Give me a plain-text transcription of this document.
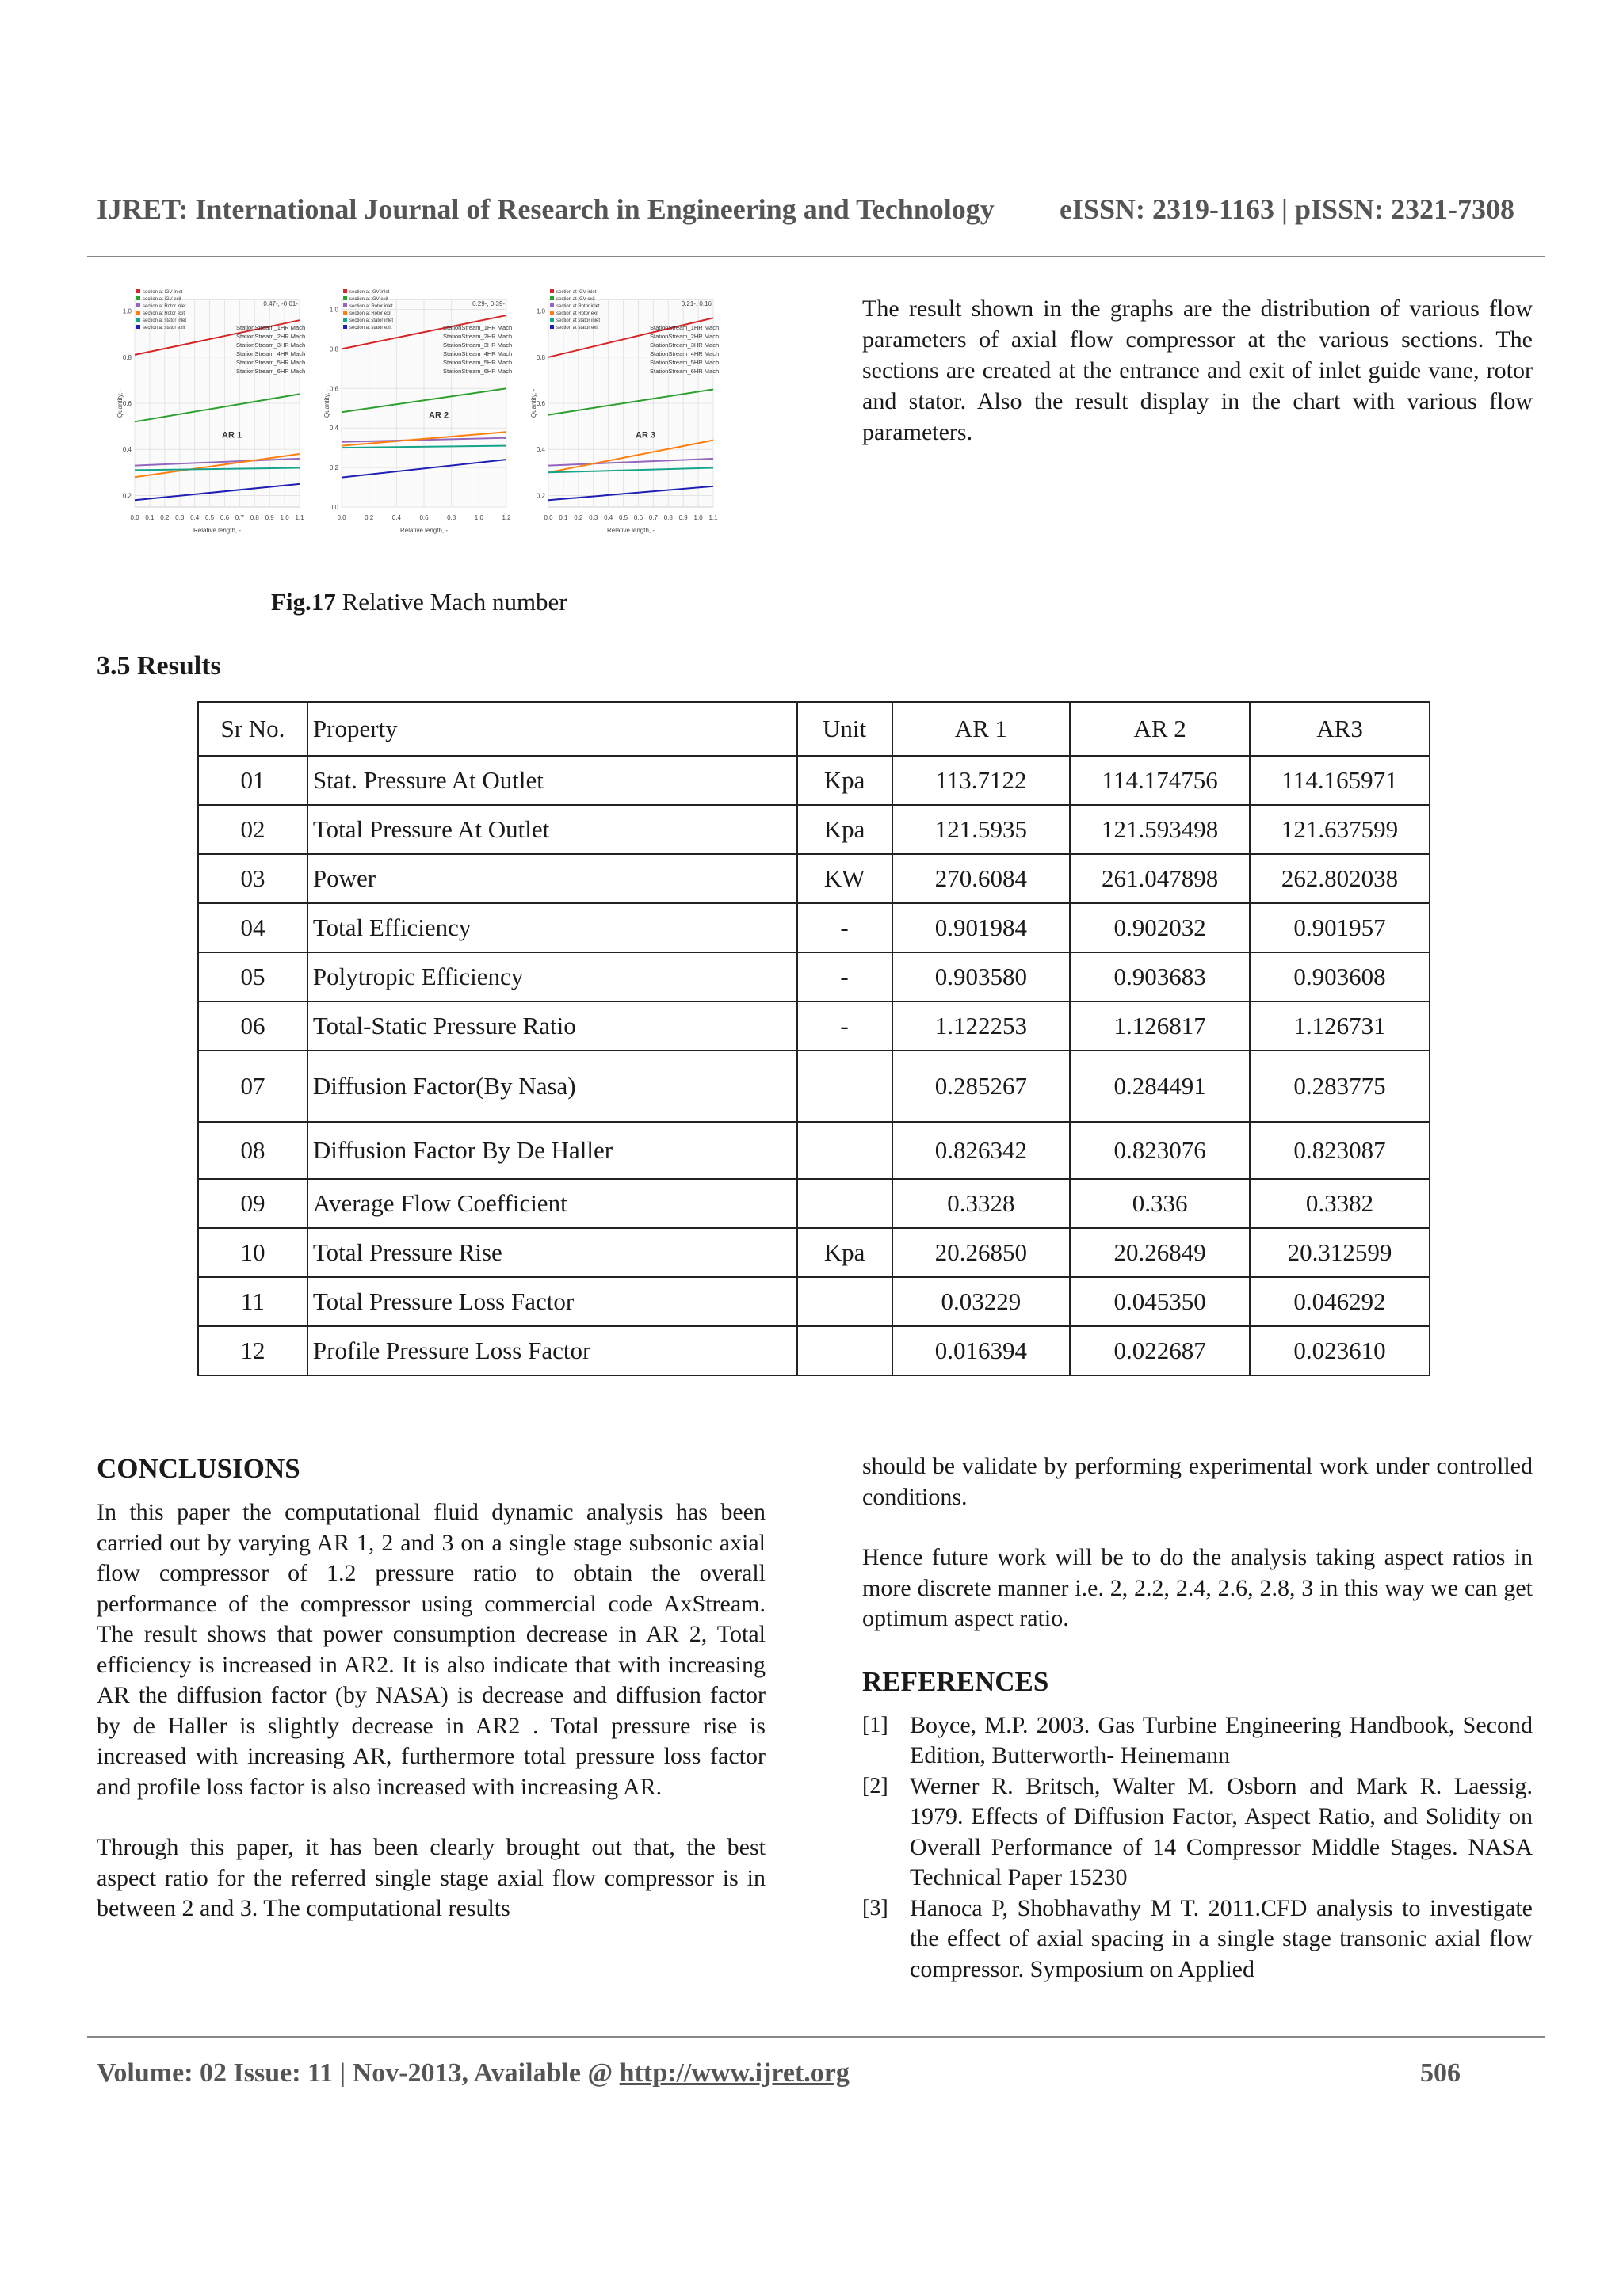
IJRET: International Journal of Research in Engineering and Technology eISSN: 2319-1163 | pISSN: 2321-7308
0.0 0.1 0.2 0.3 0.4 0.5 0.6 0.7 0.8 0.9 1.0 1.1
0.2
0.4
0.6
0.8
1.0
Relative length, -
Quantity, -
section at IGV inlet
section at IGV exit
section at Rotor inlet
section at Rotor exit
section at stator inlet
section at stator exit	StationStream_1HR Mach
StationStream_2HR Mach
StationStream_3HR Mach
StationStream_4HR Mach
StationStream_5HR Mach
StationStream_6HR Mach
0.47-, -0.01-
AR 1
0.0	0.2	0.4	0.6	0.8	1.0	1.2
0.0
0.2
0.4
0.6
0.8
1.0
Relative length, -
Quantity, -
section at IGV inlet
section at IGV exit
section at Rotor inlet
section at Rotor exit
section at stator inlet
section at stator exit	StationStream_1HR Mach
StationStream_2HR Mach
StationStream_3HR Mach
StationStream_4HR Mach
StationStream_5HR Mach
StationStream_6HR Mach
0.29-, 0.39-
AR 2
0.0 0.1 0.2 0.3 0.4 0.5 0.6 0.7 0.8 0.9 1.0 1.1
0.2
0.4
0.6
0.8
1.0
Relative length, -
Quantity, -
section at IGV inlet
section at IGV exit
section at Rotor inlet
section at Rotor exit
section at stator inlet
section at stator exit	StationStream_1HR Mach
StationStream_2HR Mach
StationStream_3HR Mach
StationStream_4HR Mach
StationStream_5HR Mach
StationStream_6HR Mach
0.21-, 0.16
AR 3
Fig.17 Relative Mach number
The result shown in the graphs are the distribution of various flow parameters of axial flow compressor at the various sections. The sections are created at the entrance and exit of inlet guide vane, rotor and stator. Also the result display in the chart with various flow parameters.
3.5 Results
Sr No.	Property	Unit	AR 1	AR 2	AR3
01	Stat. Pressure At Outlet	Kpa	113.7122	114.174756	114.165971
02	Total Pressure At Outlet	Kpa	121.5935	121.593498	121.637599
03	Power	KW	270.6084	261.047898	262.802038
04	Total Efficiency	-	0.901984	0.902032	0.901957
05	Polytropic Efficiency	-	0.903580	0.903683	0.903608
06	Total-Static Pressure Ratio	-	1.122253	1.126817	1.126731
07	Diffusion Factor(By Nasa)		0.285267	0.284491	0.283775
08	Diffusion Factor By De Haller		0.826342	0.823076	0.823087
09	Average Flow Coefficient		0.3328	0.336	0.3382
10	Total Pressure Rise	Kpa	20.26850	20.26849	20.312599
11	Total Pressure Loss Factor		0.03229	0.045350	0.046292
12	Profile Pressure Loss Factor		0.016394	0.022687	0.023610
CONCLUSIONS
In this paper the computational fluid dynamic analysis has been carried out by varying AR 1, 2 and 3 on a single stage subsonic axial flow compressor of 1.2 pressure ratio to obtain the overall performance of the compressor using commercial code AxStream. The result shows that power consumption decrease in AR 2, Total efficiency is increased in AR2. It is also indicate that with increasing AR the diffusion factor (by NASA) is decrease and diffusion factor by de Haller is slightly decrease in AR2 . Total pressure rise is increased with increasing AR, furthermore total pressure loss factor and profile loss factor is also increased with increasing AR.
Through this paper, it has been clearly brought out that, the best aspect ratio for the referred single stage axial flow compressor is in between 2 and 3. The computational results
should be validate by performing experimental work under controlled conditions.
Hence future work will be to do the analysis taking aspect ratios in more discrete manner i.e. 2, 2.2, 2.4, 2.6, 2.8, 3 in this way we can get optimum aspect ratio.
REFERENCES
[1] Boyce, M.P. 2003. Gas Turbine Engineering Handbook, Second Edition, Butterworth- Heinemann
[2] Werner R. Britsch, Walter M. Osborn and Mark R. Laessig. 1979. Effects of Diffusion Factor, Aspect Ratio, and Solidity on Overall Performance of 14 Compressor Middle Stages. NASA Technical Paper 15230
[3] Hanoca P, Shobhavathy M T. 2011.CFD analysis to investigate the effect of axial spacing in a single stage transonic axial flow compressor. Symposium on Applied
Volume: 02 Issue: 11 | Nov-2013, Available @ http://www.ijret.org	506
